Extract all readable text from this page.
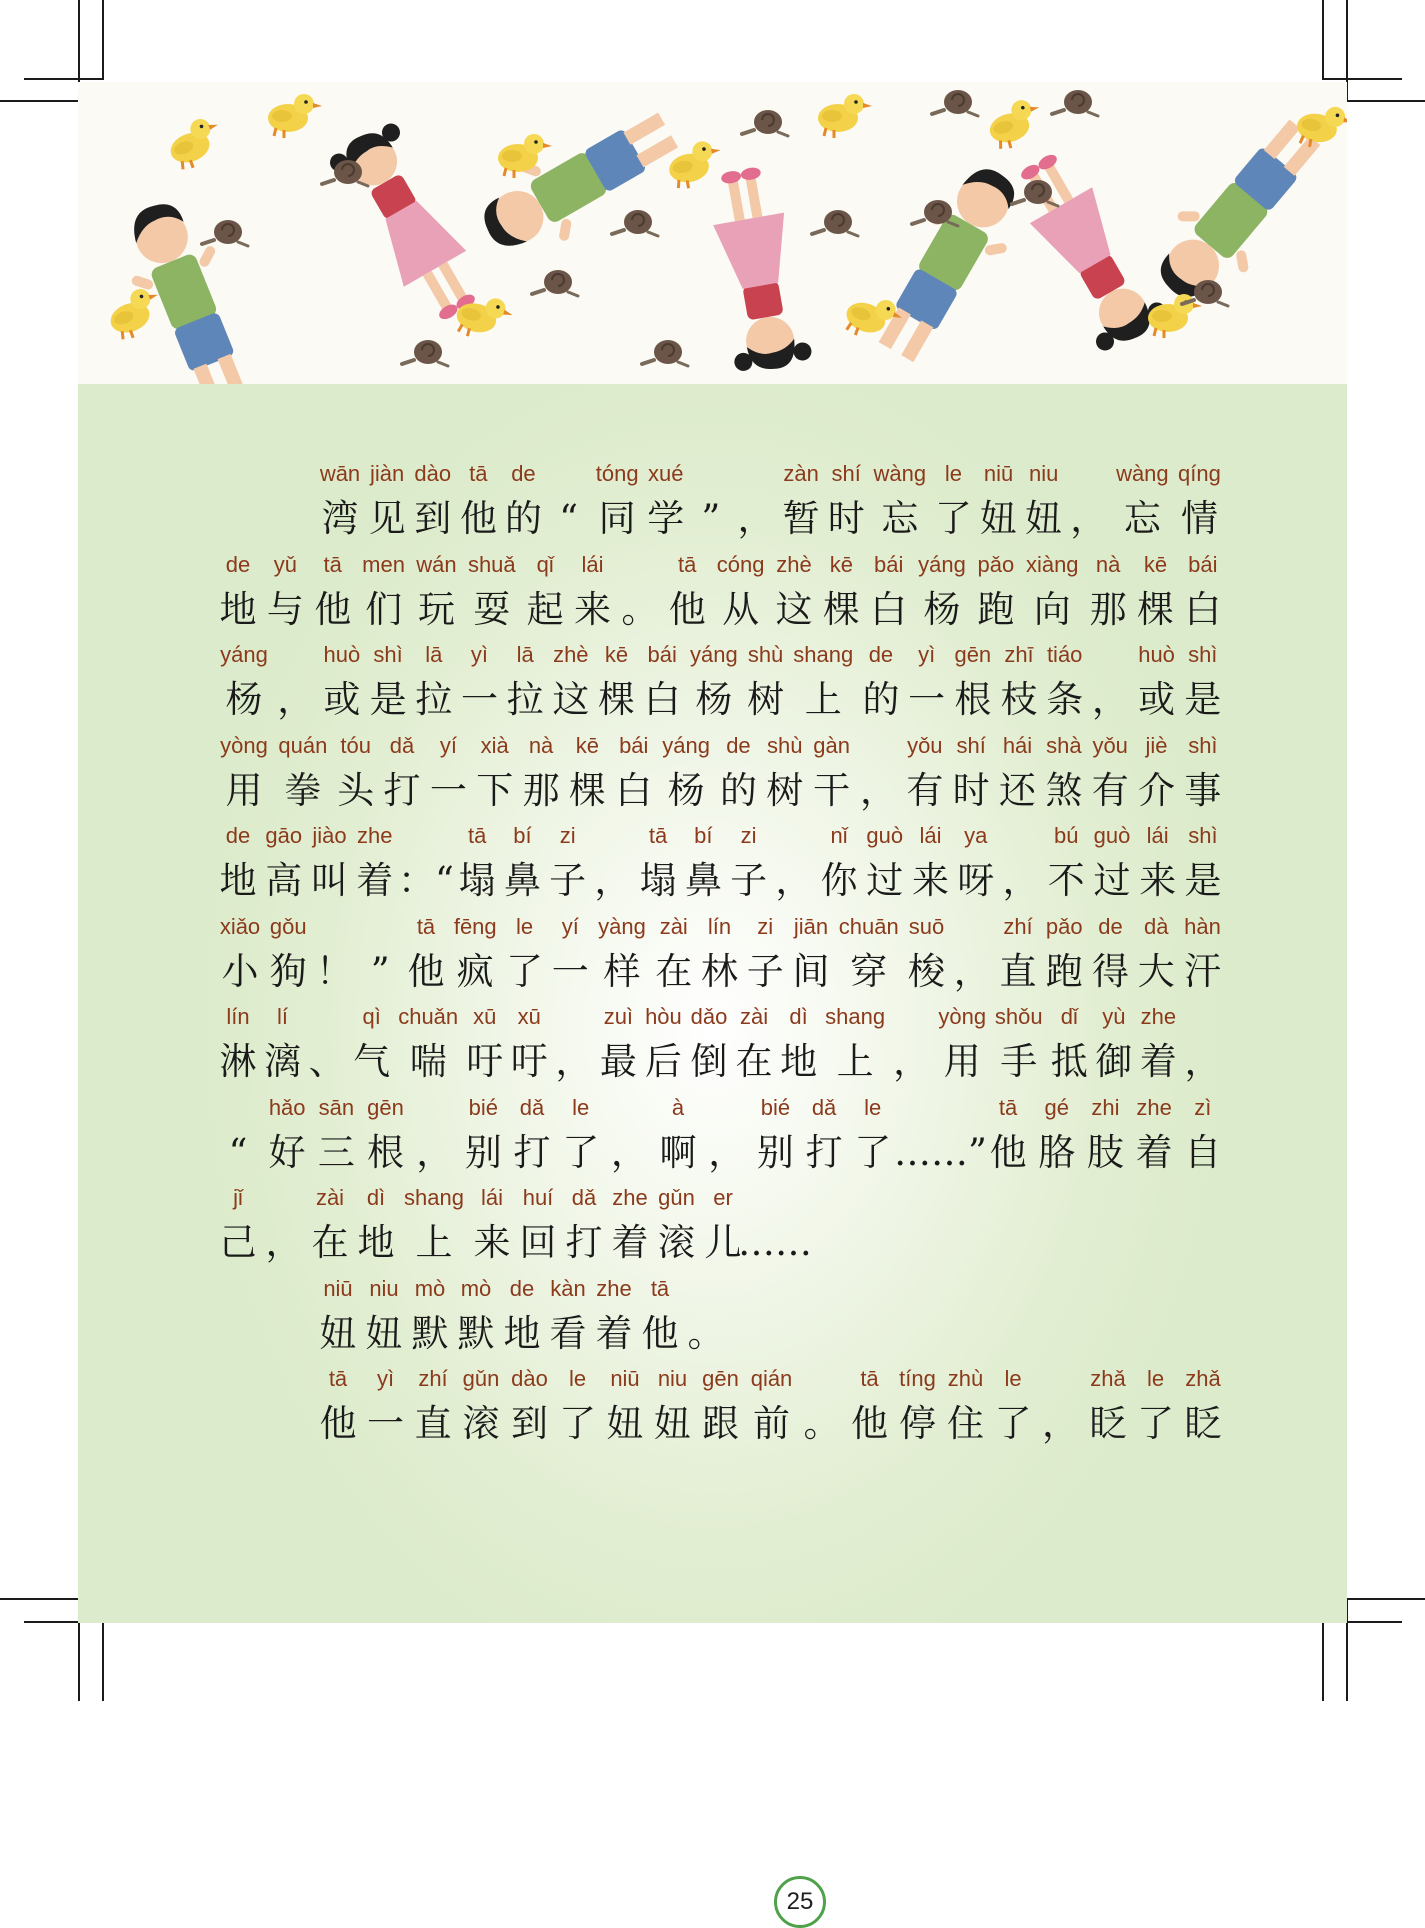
wān
湾
jiàn
见
dào
到
tā
他
de
的 “
tóng
同
xué
学 ” ，
zàn
暂
shí
时
wàng
忘
le
了
niū
妞
niu
妞 ，
wàng
忘
qíng
情
de
地
yǔ
与
tā
他
men
们
wán
玩
shuǎ
耍
qǐ
起
lái
来 。
tā
他
cóng
从
zhè
这
kē
棵
bái
白
yáng
杨
pǎo
跑
xiàng
向
nà
那
kē
棵
bái
白
yáng
杨 ，
huò
或
shì
是
lā
拉
yì
一
lā
拉
zhè
这
kē
棵
bái
白
yáng
杨
shù
树
shang
上
de
的
yì
一
gēn
根
zhī
枝
tiáo
条 ，
huò
或
shì
是
yòng
用
quán
拳
tóu
头
dǎ
打
yí
一
xià
下
nà
那
kē
棵
bái
白
yáng
杨
de
的
shù
树
gàn
干 ，
yǒu
有
shí
时
hái
还
shà
煞
yǒu
有
jiè
介
shì
事
de
地
gāo
高
jiào
叫
zhe
着 ：“
tā
塌
bí
鼻
zi
子 ，
tā
塌
bí
鼻
zi
子 ，
nǐ
你
guò
过
lái
来
ya
呀 ，
bú
不
guò
过
lái
来
shì
是
xiǎo
小
gǒu
狗 ！ ”
tā
他
fēng
疯
le
了
yí
一
yàng
样
zài
在
lín
林
zi
子
jiān
间
chuān
穿
suō
梭 ，
zhí
直
pǎo
跑
de
得
dà
大
hàn
汗
lín
淋
lí
漓 、
qì
气
chuǎn
喘
xū
吁
xū
吁 ，
zuì
最
hòu
后
dǎo
倒
zài
在
dì
地
shang
上 ，
yòng
用
shǒu
手
dǐ
抵
yù
御
zhe
着 ，
“
hǎo
好
sān
三
gēn
根 ，
bié
别
dǎ
打
le
了 ，
à
啊 ，
bié
别
dǎ
打
le
了 ……”
tā
他
gé
胳
zhi
肢
zhe
着
zì
自
jǐ
己 ，
zài
在
dì
地
shang
上
lái
来
huí
回
dǎ
打
zhe
着
gǔn
滚
er
儿
……
niū
妞
niu
妞
mò
默
mò
默
de
地
kàn
看
zhe
着
tā
他 。
tā
他
yì
一
zhí
直
gǔn
滚
dào
到
le
了
niū
妞
niu
妞
gēn
跟
qián
前 。
tā
他
tíng
停
zhù
住
le
了 ，
zhǎ
眨
le
了
zhǎ
眨
25
